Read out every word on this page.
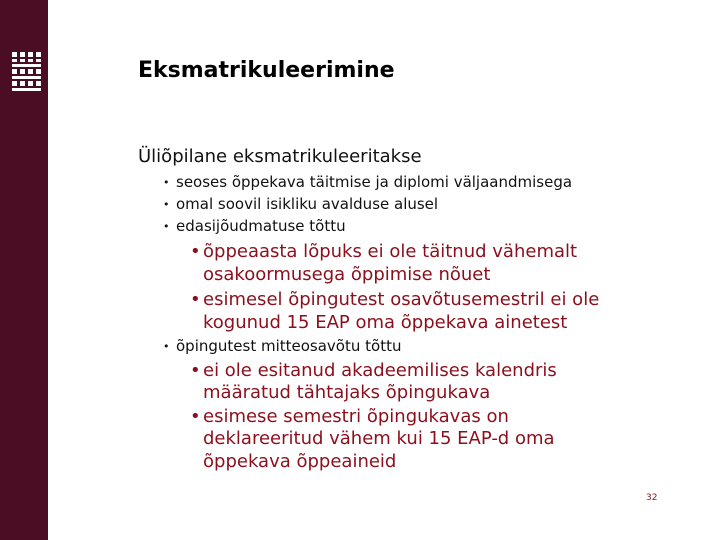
Eksmatrikuleerimine
Üliõpilane eksmatrikuleeritakse
• seoses õppekava täitmise ja diplomi väljaandmisega
• omal soovil isikliku avalduse alusel
• edasijõudmatuse tõttu
• õppeaasta lõpuks ei ole täitnud vähemalt
osakoormusega õppimise nõuet
• esimesel õpingutest osavõtusemestril ei ole
kogunud 15 EAP oma õppekava ainetest
• õpingutest mitteosavõtu tõttu
• ei ole esitanud akadeemilises kalendris
määratud tähtajaks õpingukava
• esimese semestri õpingukavas on
deklareeritud vähem kui 15 EAP-d oma
õppekava õppeaineid
32
